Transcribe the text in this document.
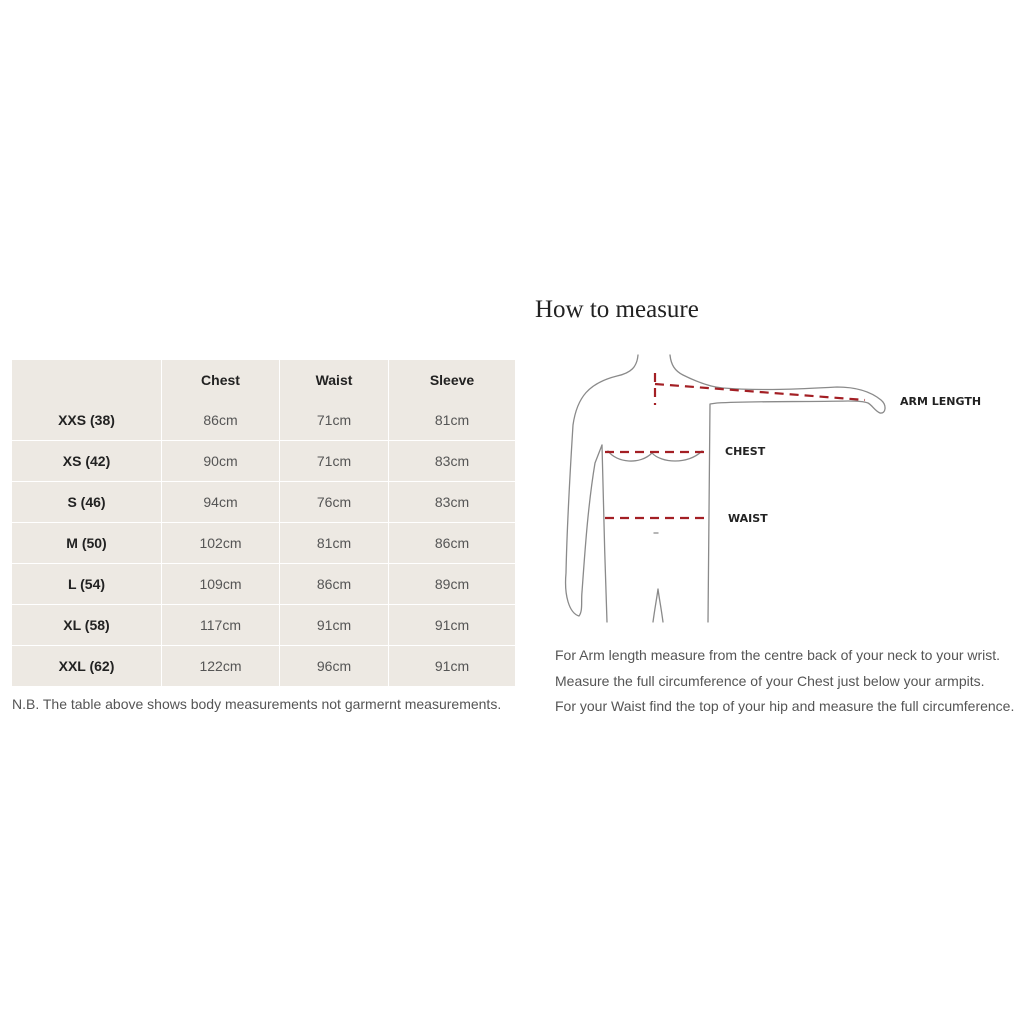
	Chest	Waist	Sleeve
XXS (38)	86cm	71cm	81cm
XS (42)	90cm	71cm	83cm
S (46)	94cm	76cm	83cm
M (50)	102cm	81cm	86cm
L (54)	109cm	86cm	89cm
XL (58)	117cm	91cm	91cm
XXL (62)	122cm	96cm	91cm
N.B. The table above shows body measurements not garmernt measurements.
How to measure
ARM LENGTH
CHEST
WAIST
For Arm length measure from the centre back of your neck to your wrist.
Measure the full circumference of your Chest just below your armpits.
For your Waist find the top of your hip and measure the full circumference.
